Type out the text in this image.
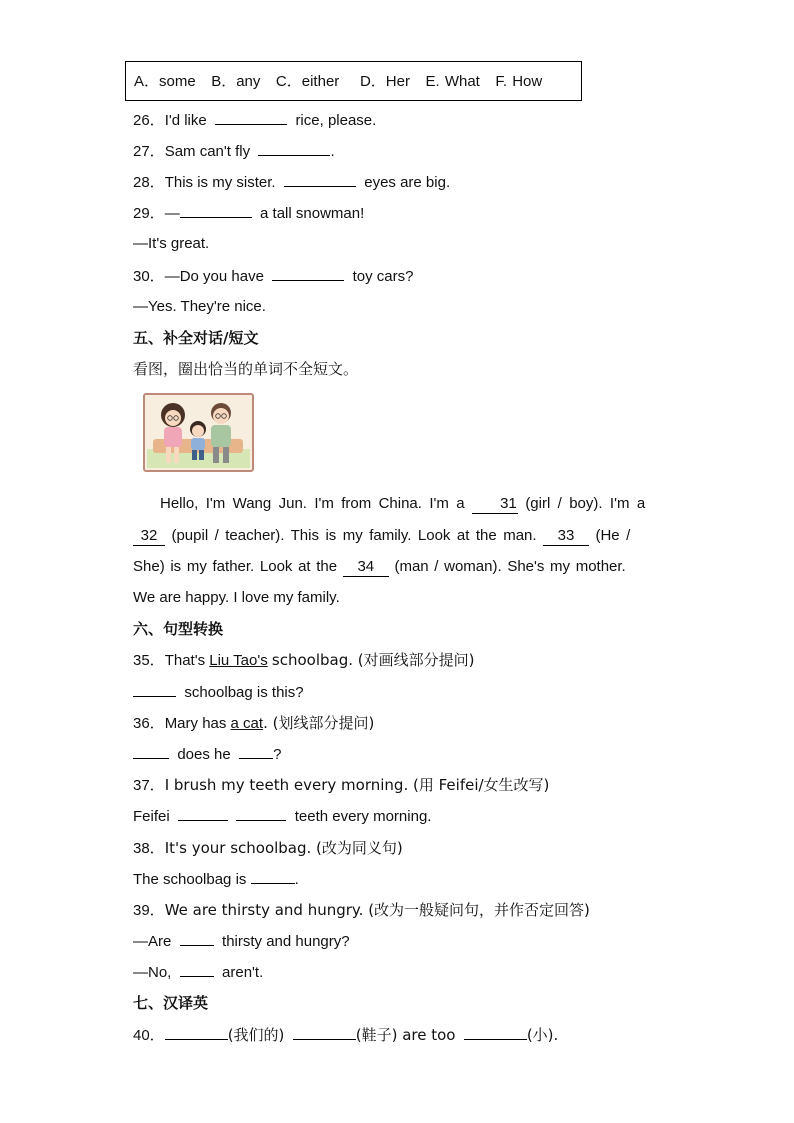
A．some B．any C．either D．Her E. What F. How
26．I'd like	rice, please.
27．Sam can't fly	.
28．This is my sister.	eyes are big.
29．—	a tall snowman!
—It's great.
30．—Do you have	toy cars?
—Yes. They're nice.
五、补全对话/短文
看图，圈出恰当的单词不全短文。
Hello, I'm Wang Jun. I'm from China. I'm a 31 (girl / boy). I'm a
32 (pupil / teacher). This is my family. Look at the man. 33 (He /
She) is my father. Look at the 34 (man / woman). She's my mother.
We are happy. I love my family.
六、句型转换
35．That's Liu Tao's schoolbag. (对画线部分提问)
schoolbag is this?
36．Mary has a cat. (划线部分提问)
does he	?
37．I brush my teeth every morning. (用 Feifei/女生改写)
Feifei	teeth every morning.
38．It's your schoolbag. (改为同义句)
The schoolbag is	.
39．We are thirsty and hungry. (改为一般疑问句，并作否定回答)
—Are	thirsty and hungry?
—No,	aren't.
七、汉译英
40．	(我们的)	(鞋子) are too	(小).
